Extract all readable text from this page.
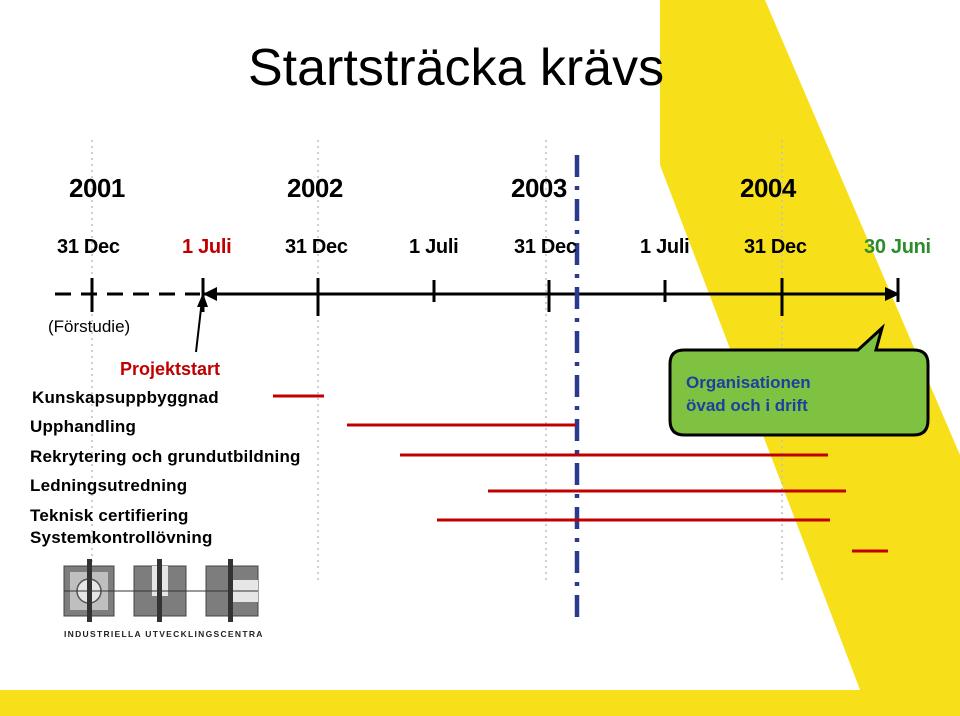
Startsträcka krävs
2001	2002	2003	2004
31 Dec	1 Juli	31 Dec	1 Juli	31 Dec	1 Juli	31 Dec	30 Juni
(Förstudie)
Projektstart
Kunskapsuppbyggnad
Upphandling
Rekrytering och grundutbildning
Ledningsutredning
Teknisk certifiering
Systemkontrollövning
Organisationen
övad och i drift
INDUSTRIELLA UTVECKLINGSCENTRA
